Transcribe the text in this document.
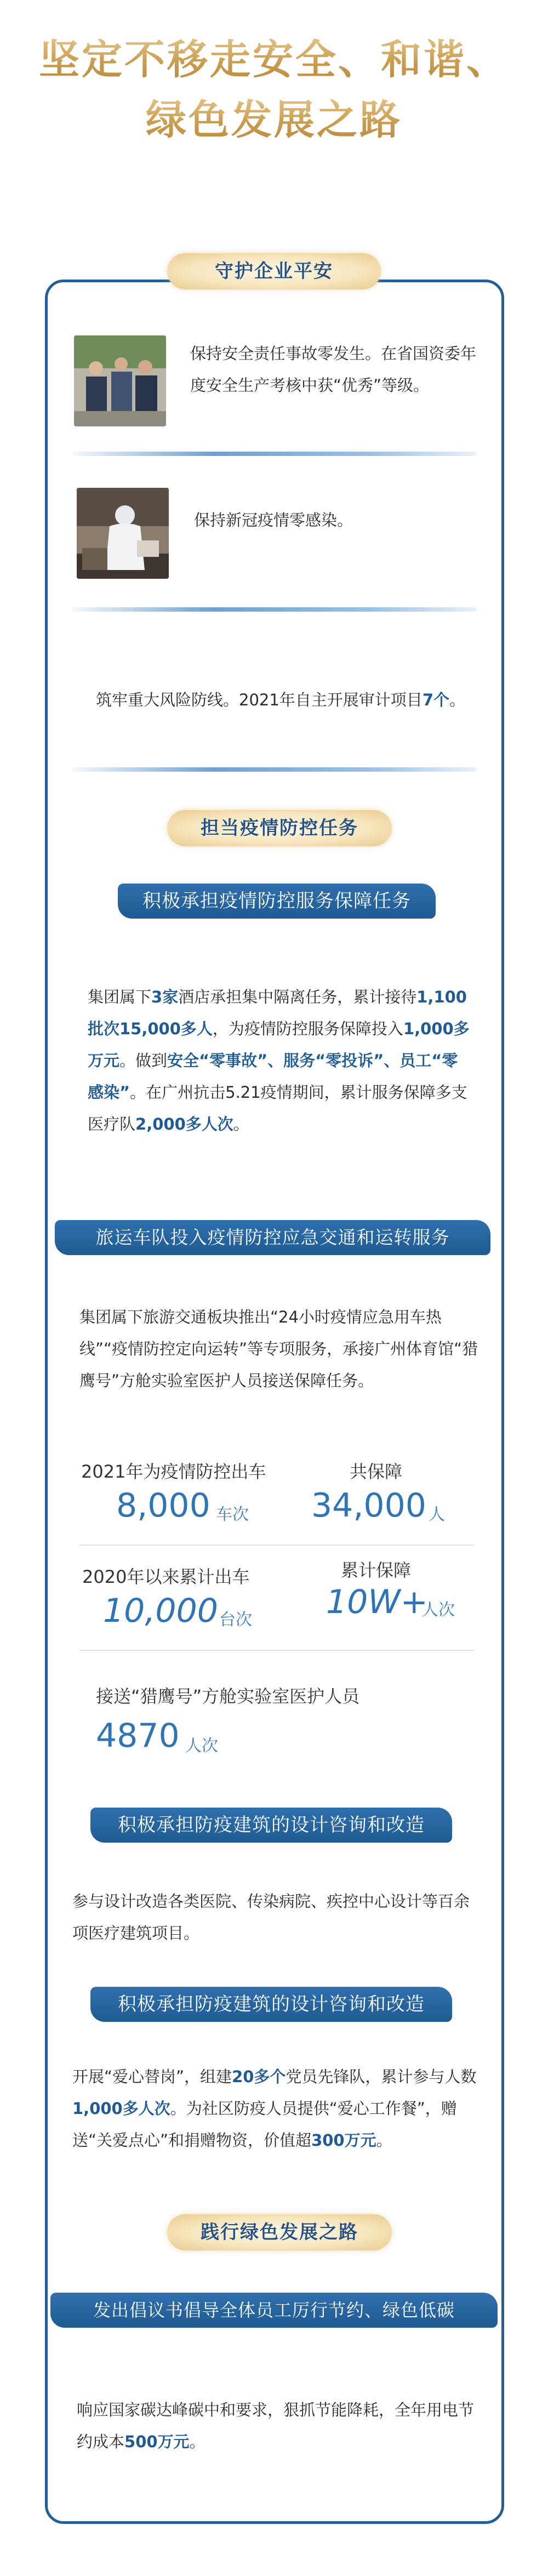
坚定不移走安全、和谐、
绿色发展之路
守护企业平安
保持安全责任事故零发生。在省国资委年度安全生产考核中获“优秀”等级。
保持新冠疫情零感染。
筑牢重大风险防线。2021年自主开展审计项目7个。
担当疫情防控任务
积极承担疫情防控服务保障任务
集团属下3家酒店承担集中隔离任务，累计接待1,100批次15,000多人，为疫情防控服务保障投入1,000多万元。做到安全“零事故”、服务“零投诉”、员工“零感染”。在广州抗击5.21疫情期间，累计服务保障多支医疗队2,000多人次。
旅运车队投入疫情防控应急交通和运转服务
集团属下旅游交通板块推出“24小时疫情应急用车热线”“疫情防控定向运转”等专项服务，承接广州体育馆“猎鹰号”方舱实验室医护人员接送保障任务。
2021年为疫情防控出车
8,000 车次
共保障
34,000 人
2020年以来累计出车
10,000 台次
累计保障
10W+
人次
接送“猎鹰号”方舱实验室医护人员
4870 人次
积极承担防疫建筑的设计咨询和改造
参与设计改造各类医院、传染病院、疾控中心设计等百余项医疗建筑项目。
积极承担防疫建筑的设计咨询和改造
开展“爱心替岗”，组建20多个党员先锋队，累计参与人数1,000多人次。为社区防疫人员提供“爱心工作餐”，赠送“关爱点心”和捐赠物资，价值超300万元。
践行绿色发展之路
发出倡议书倡导全体员工厉行节约、绿色低碳
响应国家碳达峰碳中和要求，狠抓节能降耗，全年用电节约成本500万元。
